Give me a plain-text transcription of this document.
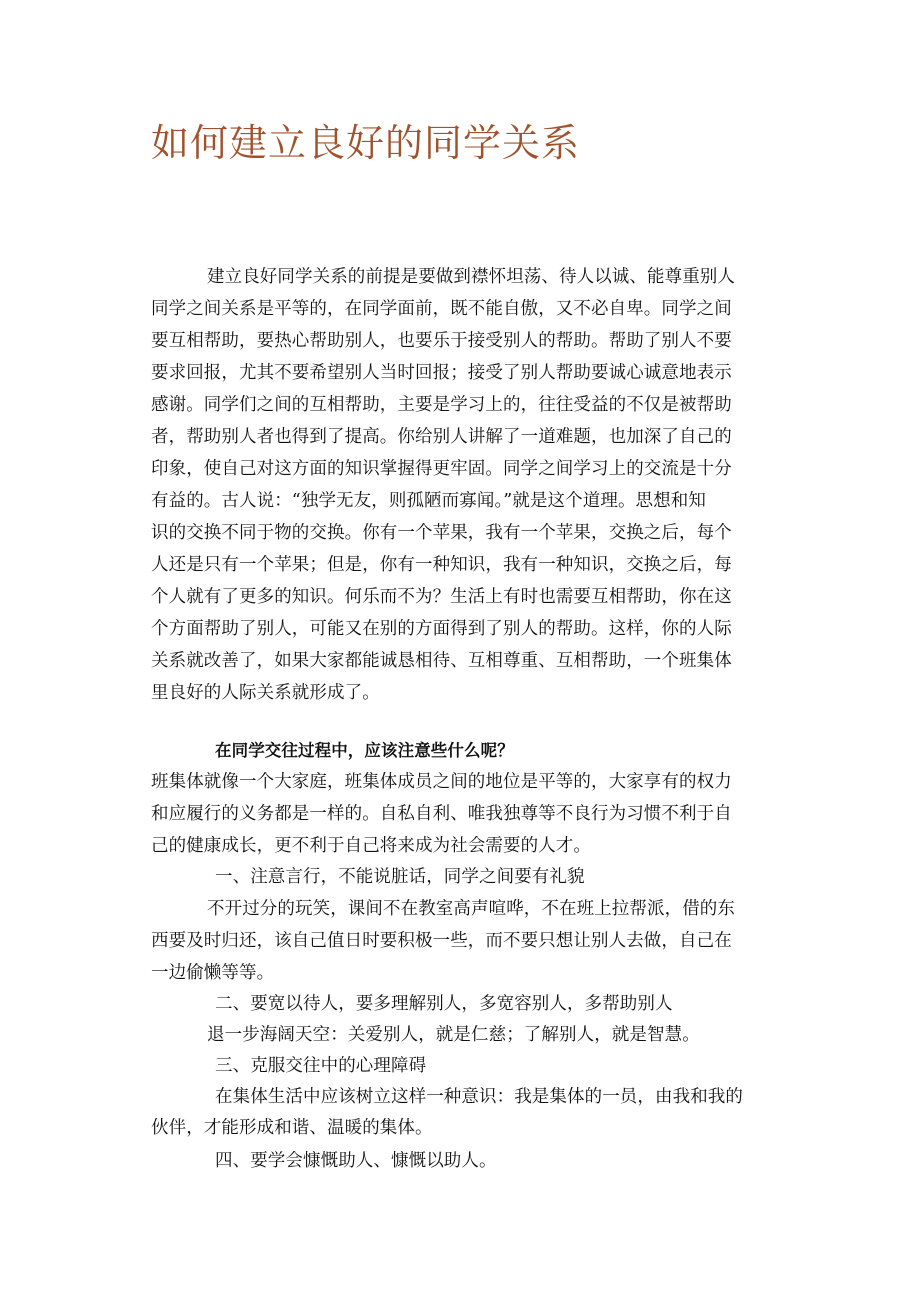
如何建立良好的同学关系
建立良好同学关系的前提是要做到襟怀坦荡、待人以诚、能尊重别人
同学之间关系是平等的，在同学面前，既不能自傲，又不必自卑。同学之间
要互相帮助，要热心帮助别人，也要乐于接受别人的帮助。帮助了别人不要
要求回报，尤其不要希望别人当时回报；接受了别人帮助要诚心诚意地表示
感谢。同学们之间的互相帮助，主要是学习上的，往往受益的不仅是被帮助
者，帮助别人者也得到了提高。你给别人讲解了一道难题，也加深了自己的
印象，使自己对这方面的知识掌握得更牢固。同学之间学习上的交流是十分
有益的。古人说：“独学无友，则孤陋而寡闻。”就是这个道理。思想和知
识的交换不同于物的交换。你有一个苹果，我有一个苹果，交换之后，每个
人还是只有一个苹果；但是，你有一种知识，我有一种知识，交换之后，每
个人就有了更多的知识。何乐而不为？生活上有时也需要互相帮助，你在这
个方面帮助了别人，可能又在别的方面得到了别人的帮助。这样，你的人际
关系就改善了，如果大家都能诚恳相待、互相尊重、互相帮助，一个班集体
里良好的人际关系就形成了。
在同学交往过程中，应该注意些什么呢？
班集体就像一个大家庭，班集体成员之间的地位是平等的，大家享有的权力
和应履行的义务都是一样的。自私自利、唯我独尊等不良行为习惯不利于自
己的健康成长，更不利于自己将来成为社会需要的人才。
一、注意言行，不能说脏话，同学之间要有礼貌
不开过分的玩笑，课间不在教室高声喧哗，不在班上拉帮派，借的东
西要及时归还，该自己值日时要积极一些，而不要只想让别人去做，自己在
一边偷懒等等。
二、要宽以待人，要多理解别人，多宽容别人，多帮助别人
退一步海阔天空：关爱别人，就是仁慈；了解别人，就是智慧。
三、克服交往中的心理障碍
在集体生活中应该树立这样一种意识：我是集体的一员，由我和我的
伙伴，才能形成和谐、温暖的集体。
四、要学会慷慨助人、慷慨以助人。
